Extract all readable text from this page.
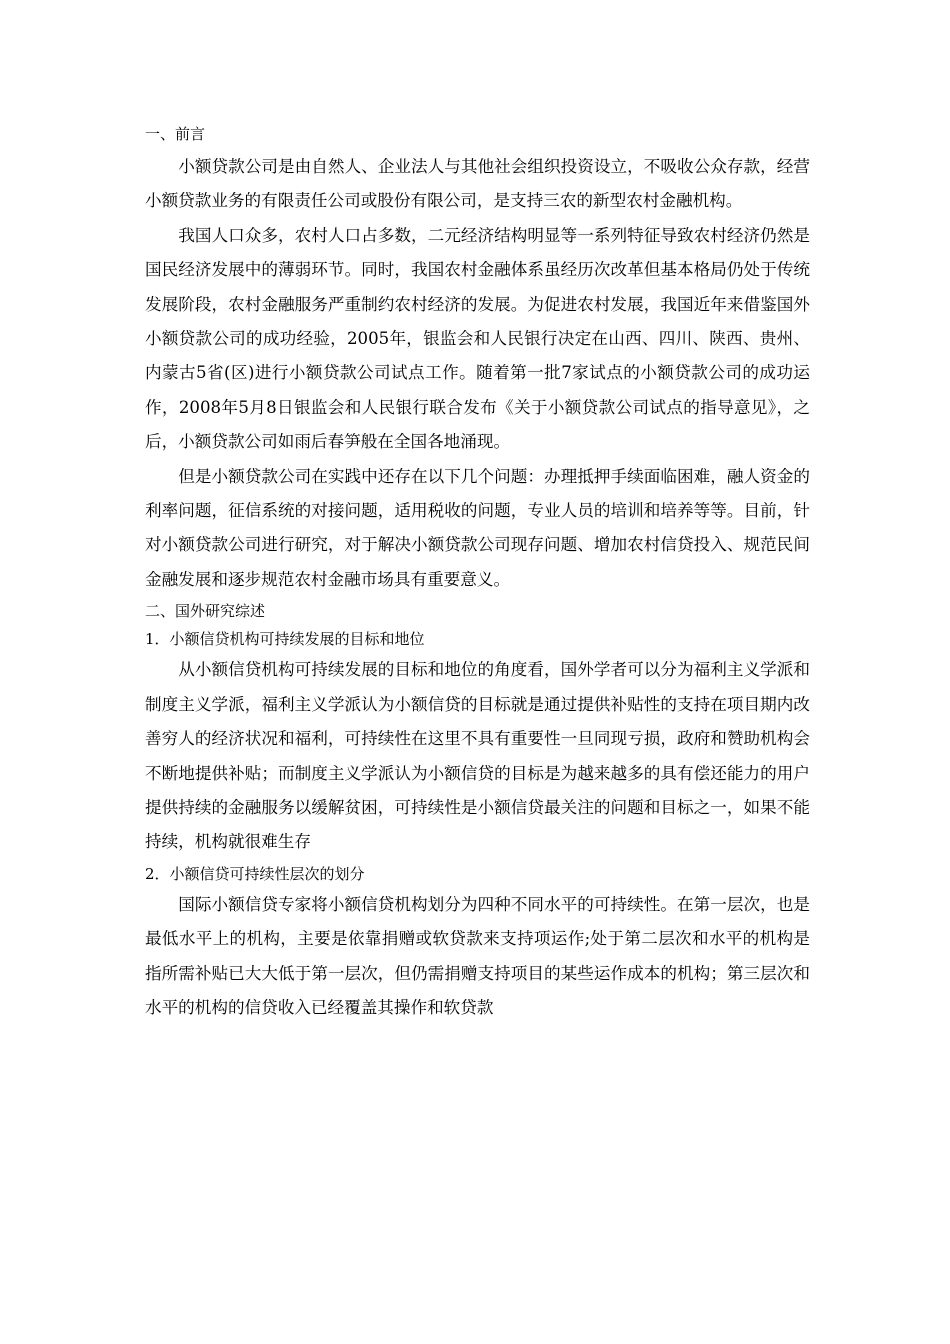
一、前言

小额贷款公司是由自然人、企业法人与其他社会组织投资设立，不吸收公众存款，经营小额贷款业务的有限责任公司或股份有限公司，是支持三农的新型农村金融机构。

我国人口众多，农村人口占多数，二元经济结构明显等一系列特征导致农村经济仍然是国民经济发展中的薄弱环节。同时，我国农村金融体系虽经历次改革但基本格局仍处于传统发展阶段，农村金融服务严重制约农村经济的发展。为促进农村发展，我国近年来借鉴国外小额贷款公司的成功经验，2005年，银监会和人民银行决定在山西、四川、陕西、贵州、内蒙古5省(区)进行小额贷款公司试点工作。随着第一批7家试点的小额贷款公司的成功运作，2008年5月8日银监会和人民银行联合发布《关于小额贷款公司试点的指导意见》，之后，小额贷款公司如雨后春笋般在全国各地涌现。

但是小额贷款公司在实践中还存在以下几个问题：办理抵押手续面临困难，融人资金的利率问题，征信系统的对接问题，适用税收的问题，专业人员的培训和培养等等。目前，针对小额贷款公司进行研究，对于解决小额贷款公司现存问题、增加农村信贷投入、规范民间金融发展和逐步规范农村金融市场具有重要意义。

二、国外研究综述
1．小额信贷机构可持续发展的目标和地位

从小额信贷机构可持续发展的目标和地位的角度看，国外学者可以分为福利主义学派和制度主义学派，福利主义学派认为小额信贷的目标就是通过提供补贴性的支持在项目期内改善穷人的经济状况和福利，可持续性在这里不具有重要性一旦同现亏损，政府和赞助机构会不断地提供补贴；而制度主义学派认为小额信贷的目标是为越来越多的具有偿还能力的用户提供持续的金融服务以缓解贫困，可持续性是小额信贷最关注的问题和目标之一，如果不能持续，机构就很难生存

2．小额信贷可持续性层次的划分

国际小额信贷专家将小额信贷机构划分为四种不同水平的可持续性。在第一层次，也是最低水平上的机构，主要是依靠捐赠或软贷款来支持项运作;处于第二层次和水平的机构是指所需补贴已大大低于第一层次，但仍需捐赠支持项目的某些运作成本的机构；第三层次和水平的机构的信贷收入已经覆盖其操作和软贷款
